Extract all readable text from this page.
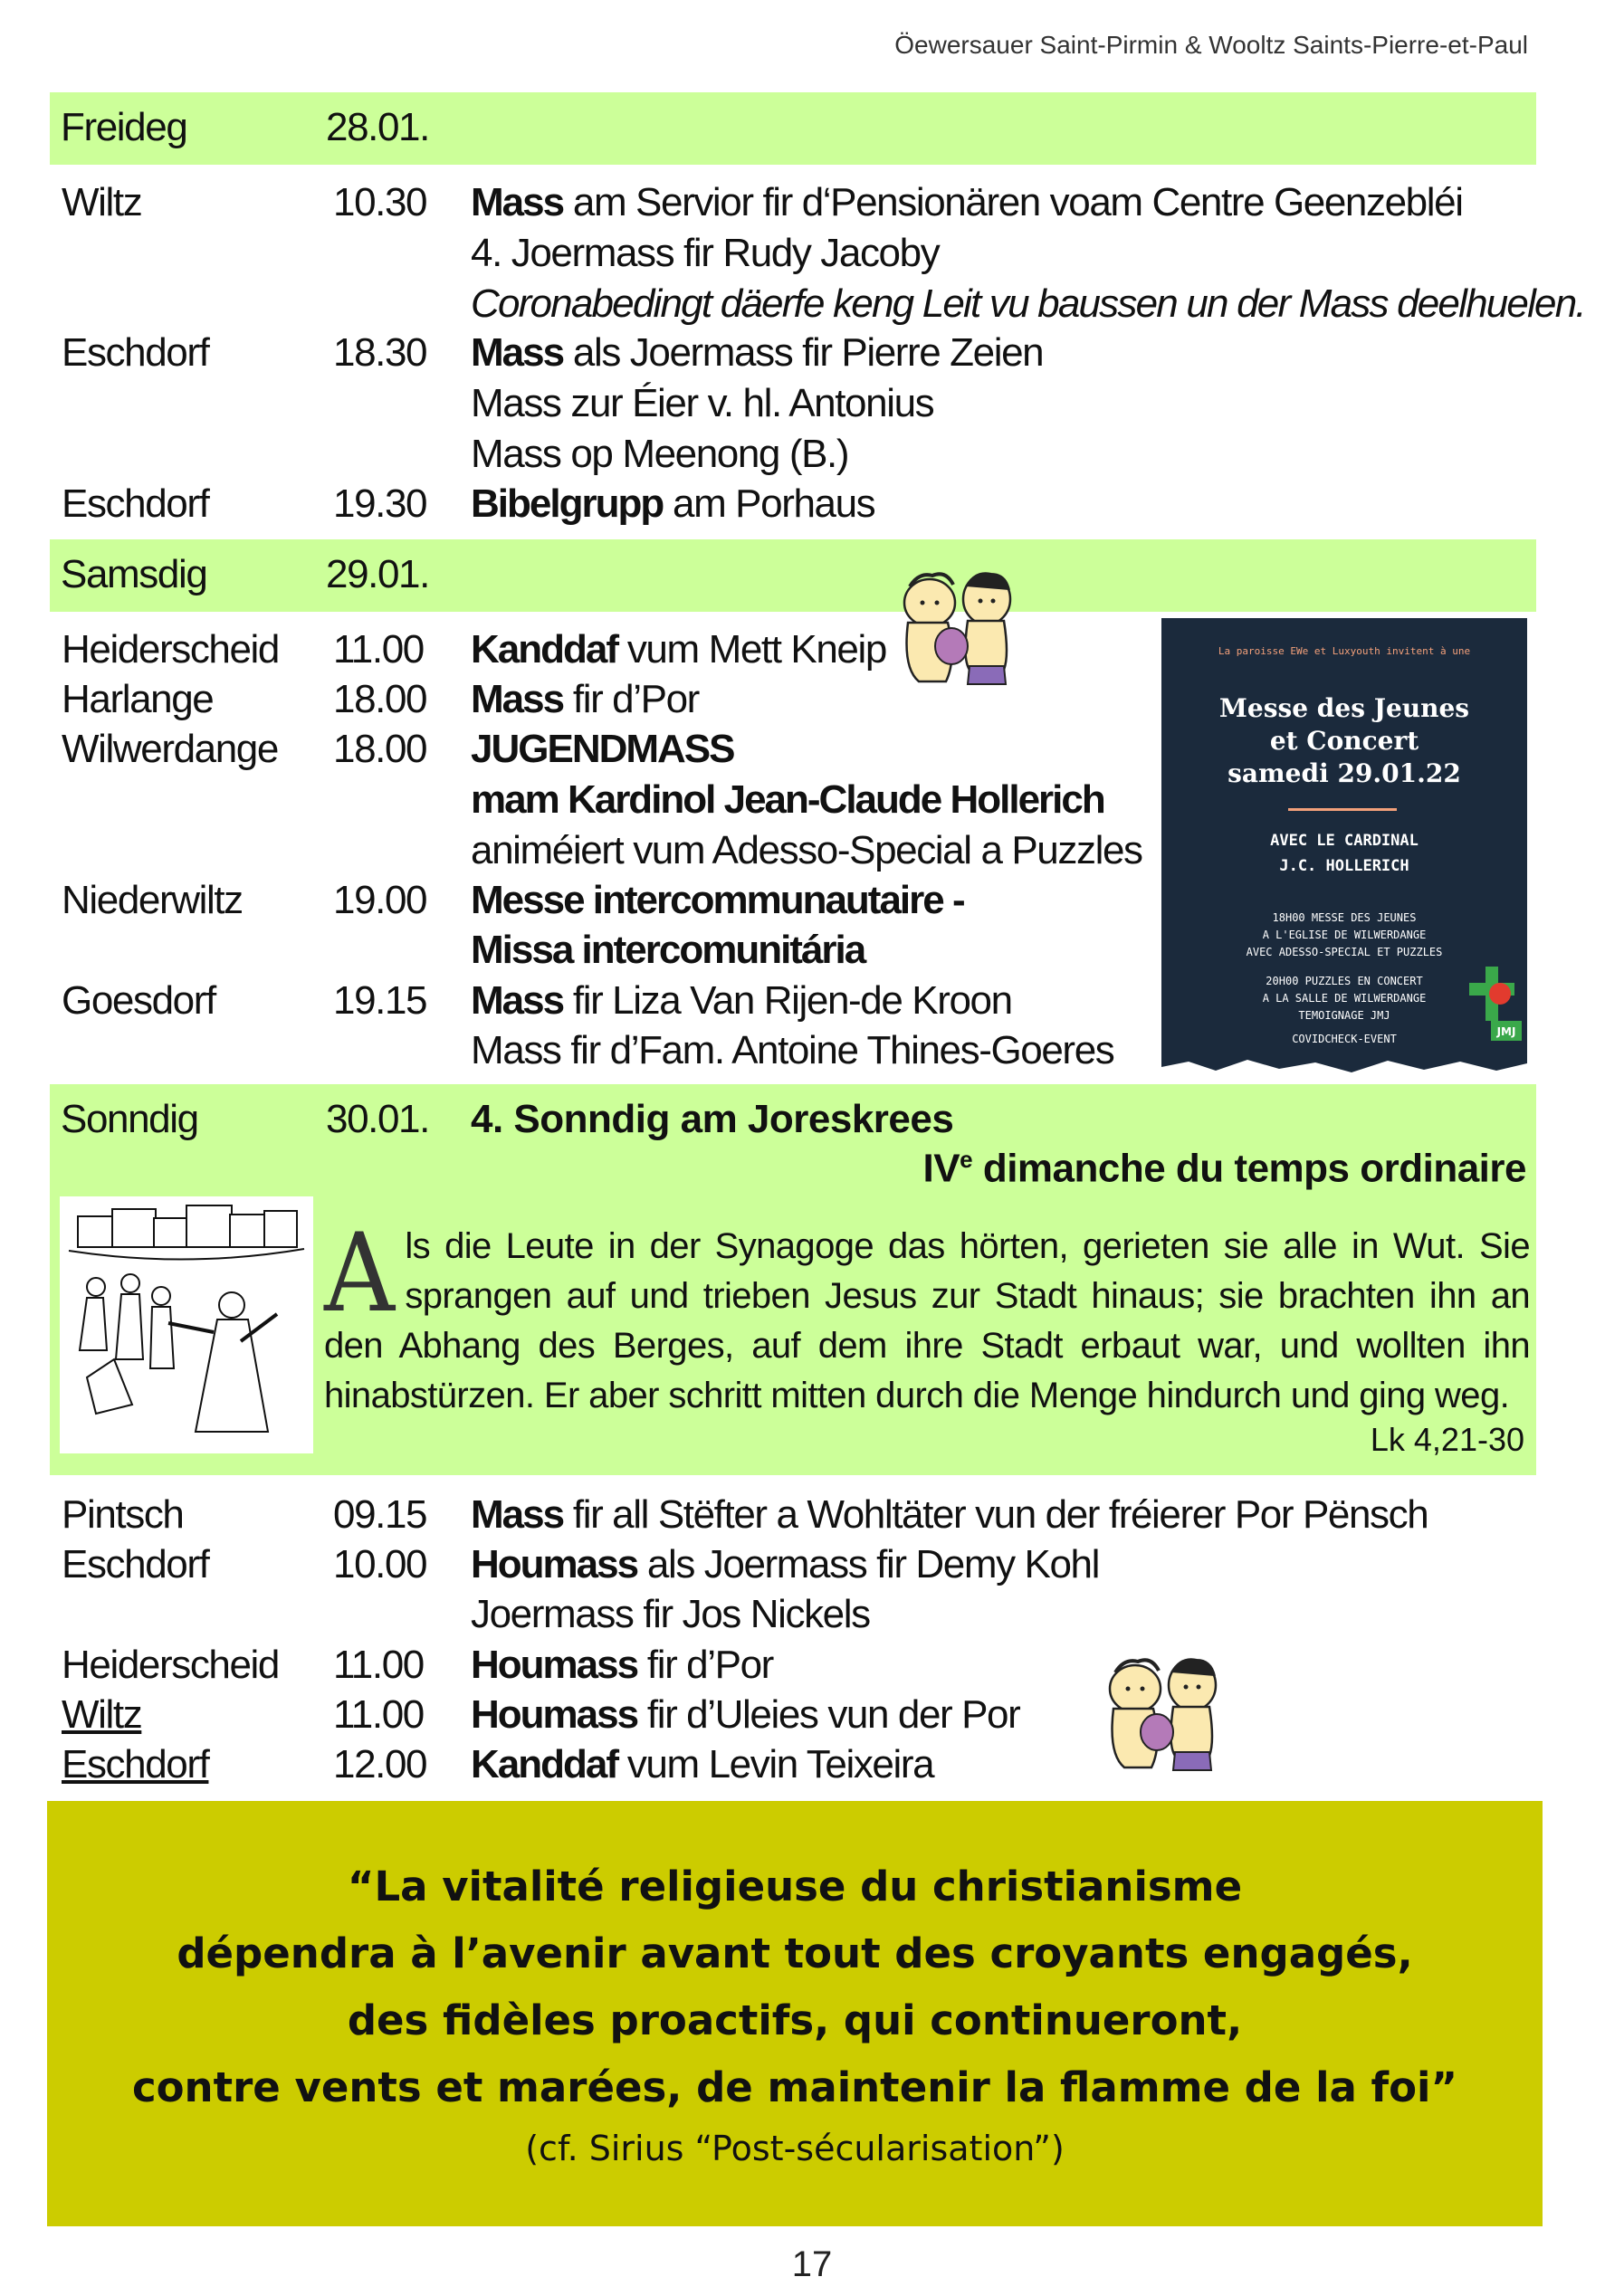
Öewersauer Saint-Pirmin & Wooltz Saints-Pierre-et-Paul
Freideg	28.01.
Wiltz	10.30 Mass am Servior fir d‘Pensionären voam Centre Geenzebléi
4. Joermass fir Rudy Jacoby
Coronabedingt däerfe keng Leit vu baussen un der Mass deelhuelen.
Eschdorf	18.30 Mass als Joermass fir Pierre Zeien
Mass zur Éier v. hl. Antonius
Mass op Meenong (B.)
Eschdorf	19.30 Bibelgrupp am Porhaus
Samsdig	29.01.
Heiderscheid 11.00 Kanddaf vum Mett Kneip
Harlange	18.00 Mass fir d’Por
Wilwerdange 18.00 JUGENDMASS
mam Kardinol Jean-Claude Hollerich
animéiert vum Adesso-Special a Puzzles
Niederwiltz 19.00 Messe intercommunautaire -
Missa intercomunitária
Goesdorf	19.15 Mass fir Liza Van Rijen-de Kroon
Mass fir d’Fam. Antoine Thines-Goeres
La paroisse EWe et Luxyouth invitent à une
Messe des Jeunes
et Concert
samedi 29.01.22
AVEC LE CARDINAL
J.C. HOLLERICH
18H00 MESSE DES JEUNES
A L'EGLISE DE WILWERDANGE
AVEC ADESSO-SPECIAL ET PUZZLES
20H00 PUZZLES EN CONCERT
A LA SALLE DE WILWERDANGE
TEMOIGNAGE JMJ
COVIDCHECK-EVENT
JMJ
Sonndig	30.01. 4. Sonndig am Joreskrees
IVe dimanche du temps ordinaire
Als die Leute in der Synagoge das hörten, gerieten sie alle in Wut. Sie sprangen auf und trieben Jesus zur Stadt hinaus; sie brachten ihn an den Abhang des Berges, auf dem ihre Stadt erbaut war, und wollten ihn hinabstürzen. Er aber schritt mitten durch die Menge hindurch und ging weg.
Lk 4,21-30
Pintsch	09.15 Mass fir all Stëfter a Wohltäter vun der fréierer Por Pënsch
Eschdorf	10.00 Houmass als Joermass fir Demy Kohl
Joermass fir Jos Nickels
Heiderscheid 11.00 Houmass fir d’Por
Wiltz	11.00 Houmass fir d’Uleies vun der Por
Eschdorf	12.00 Kanddaf vum Levin Teixeira
“La vitalité religieuse du christianisme
dépendra à l’avenir avant tout des croyants engagés,
des fidèles proactifs, qui continueront,
contre vents et marées, de maintenir la flamme de la foi”
(cf. Sirius “Post-sécularisation”)
17
